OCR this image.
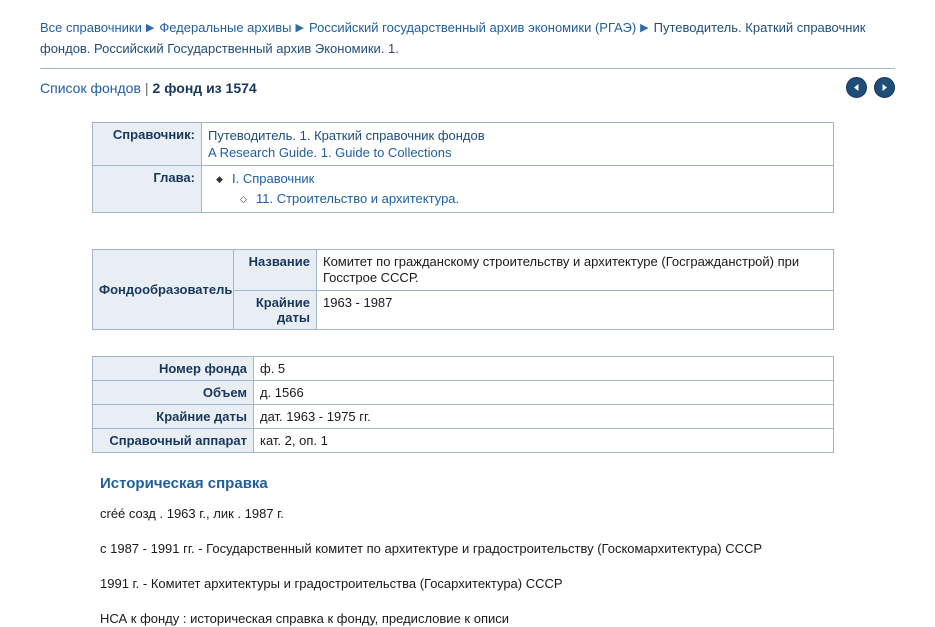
Все справочники ▶ Федеральные архивы ▶ Российский государственный архив экономики (РГАЭ) ▶ Путеводитель. Краткий справочник фондов. Российский Государственный архив Экономики. 1.
Список фондов | 2 фонд из 1574
Справочник:	Путеводитель. 1. Краткий справочник фондов
A Research Guide. 1. Guide to Collections

Глава:	
◆I. Справочник
◇ 11. Строительство и архитектура.
Фондообразователь	Название	Комитет по гражданскому строительству и архитектуре (Госгражданстрой) при Госстрое СССР.
	Крайние даты	1963 - 1987
Номер фонда	ф. 5
Объем	д. 1566
Крайние даты	дат. 1963 - 1975 гг.
Справочный аппарат	кат. 2, оп. 1
Историческая справка

créé созд . 1963 г., лик . 1987 г.

с 1987 - 1991 гг. - Государственный комитет по архитектуре и градостроительству (Госкомархитектура) СССР

1991 г. - Комитет архитектуры и градостроительства (Госархитектура) СССР

НСА к фонду : историческая справка к фонду, предисловие к описи
